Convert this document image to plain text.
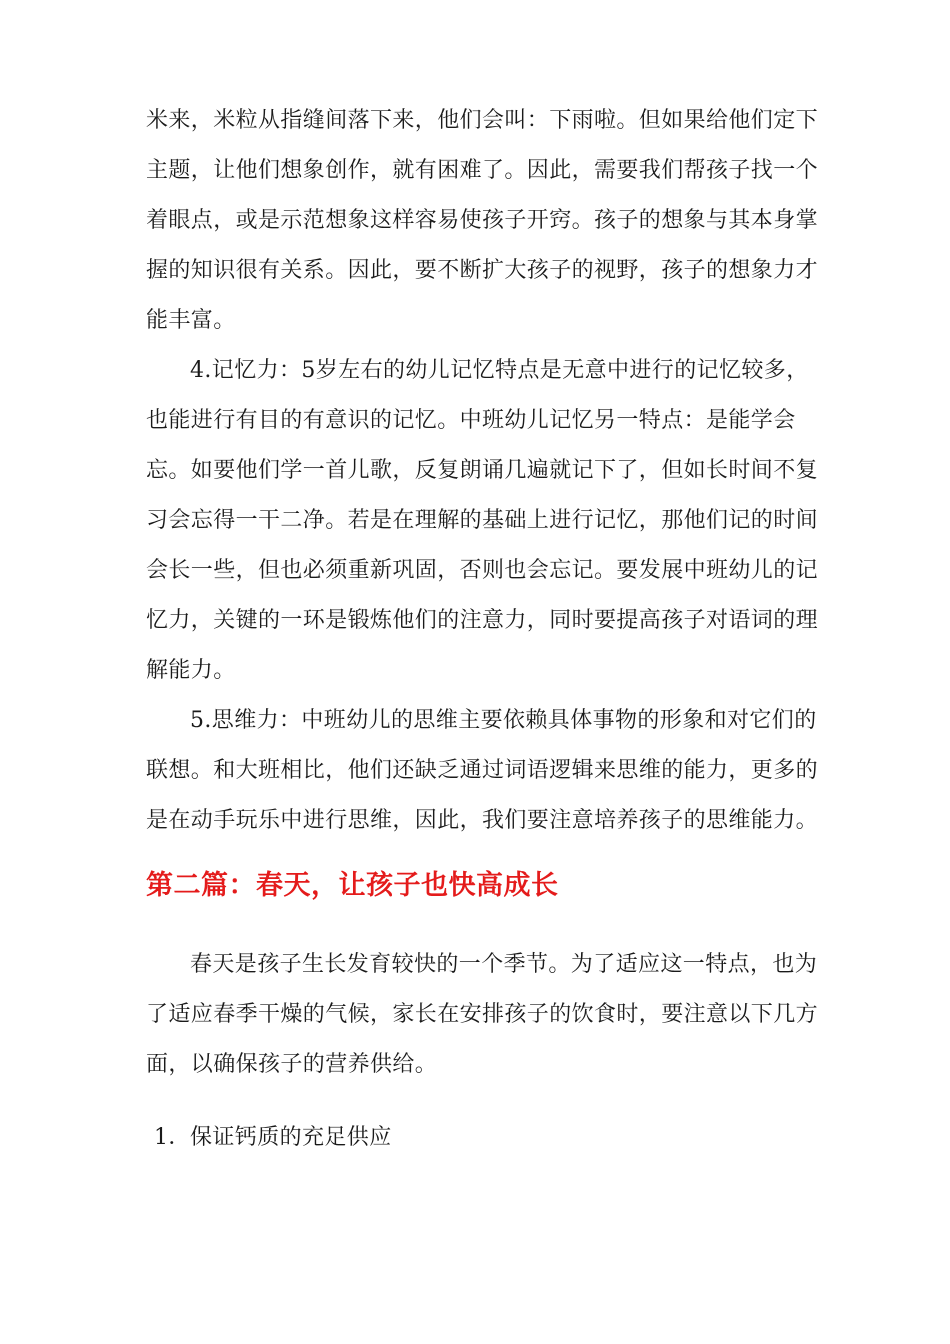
米来，米粒从指缝间落下来，他们会叫：下雨啦。但如果给他们定下主题，让他们想象创作，就有困难了。因此，需要我们帮孩子找一个着眼点，或是示范想象这样容易使孩子开窍。孩子的想象与其本身掌握的知识很有关系。因此，要不断扩大孩子的视野，孩子的想象力才能丰富。

4.记忆力：5岁左右的幼儿记忆特点是无意中进行的记忆较多，也能进行有目的有意识的记忆。中班幼儿记忆另一特点：是能学会忘。如要他们学一首儿歌，反复朗诵几遍就记下了，但如长时间不复习会忘得一干二净。若是在理解的基础上进行记忆，那他们记的时间会长一些，但也必须重新巩固，否则也会忘记。要发展中班幼儿的记忆力，关键的一环是锻炼他们的注意力，同时要提高孩子对语词的理解能力。

5.思维力：中班幼儿的思维主要依赖具体事物的形象和对它们的联想。和大班相比，他们还缺乏通过词语逻辑来思维的能力，更多的是在动手玩乐中进行思维，因此，我们要注意培养孩子的思维能力。

第二篇：春天，让孩子也快高成长

春天是孩子生长发育较快的一个季节。为了适应这一特点，也为了适应春季干燥的气候，家长在安排孩子的饮食时，要注意以下几方面，以确保孩子的营养供给。

1．保证钙质的充足供应
